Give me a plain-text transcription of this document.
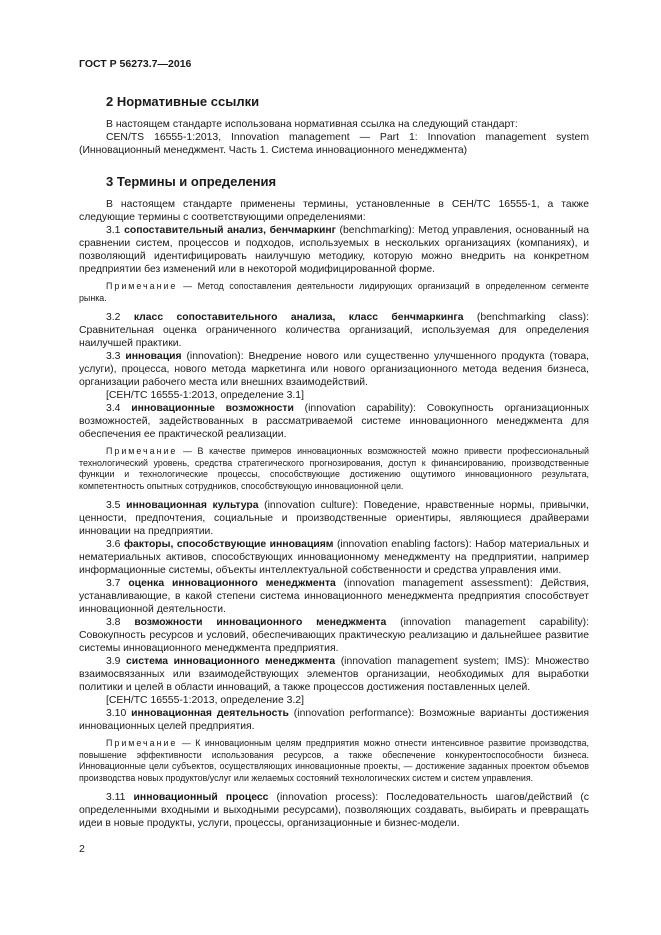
ГОСТ Р 56273.7—2016
2 Нормативные ссылки

В настоящем стандарте использована нормативная ссылка на следующий стандарт:

CEN/TS 16555-1:2013, Innovation management — Part 1: Innovation management system (Инновационный менеджмент. Часть 1. Система инновационного менеджмента)

3 Термины и определения

В настоящем стандарте применены термины, установленные в СЕН/ТС 16555-1, а также следующие термины с соответствующими определениями:

3.1 сопоставительный анализ, бенчмаркинг (benchmarking): Метод управления, основанный на сравнении систем, процессов и подходов, используемых в нескольких организациях (компаниях), и позволяющий идентифицировать наилучшую методику, которую можно внедрить на конкретном предприятии без изменений или в некоторой модифицированной форме.

Примечание — Метод сопоставления деятельности лидирующих организаций в определенном сегменте рынка.

3.2 класс сопоставительного анализа, класс бенчмаркинга (benchmarking class): Сравнительная оценка ограниченного количества организаций, используемая для определения наилучшей практики.

3.3 инновация (innovation): Внедрение нового или существенно улучшенного продукта (товара, услуги), процесса, нового метода маркетинга или нового организационного метода ведения бизнеса, организации рабочего места или внешних взаимодействий.

[СЕН/ТС 16555-1:2013, определение 3.1]

3.4 инновационные возможности (innovation capability): Совокупность организационных возможностей, задействованных в рассматриваемой системе инновационного менеджмента для обеспечения ее практической реализации.

Примечание — В качестве примеров инновационных возможностей можно привести профессиональный технологический уровень, средства стратегического прогнозирования, доступ к финансированию, производственные функции и технологические процессы, способствующие достижению ощутимого инновационного результата, компетентность опытных сотрудников, способствующую инновационной цели.

3.5 инновационная культура (innovation culture): Поведение, нравственные нормы, привычки, ценности, предпочтения, социальные и производственные ориентиры, являющиеся драйверами инновации на предприятии.

3.6 факторы, способствующие инновациям (innovation enabling factors): Набор материальных и нематериальных активов, способствующих инновационному менеджменту на предприятии, например информационные системы, объекты интеллектуальной собственности и средства управления ими.

3.7 оценка инновационного менеджмента (innovation management assessment): Действия, устанавливающие, в какой степени система инновационного менеджмента предприятия способствует инновационной деятельности.

3.8 возможности инновационного менеджмента (innovation management capability): Совокупность ресурсов и условий, обеспечивающих практическую реализацию и дальнейшее развитие системы инновационного менеджмента предприятия.

3.9 система инновационного менеджмента (innovation management system; IMS): Множество взаимосвязанных или взаимодействующих элементов организации, необходимых для выработки политики и целей в области инноваций, а также процессов достижения поставленных целей.

[СЕН/ТС 16555-1:2013, определение 3.2]

3.10 инновационная деятельность (innovation performance): Возможные варианты достижения инновационных целей предприятия.

Примечание — К инновационным целям предприятия можно отнести интенсивное развитие производства, повышение эффективности использования ресурсов, а также обеспечение конкурентоспособности бизнеса. Инновационные цели субъектов, осуществляющих инновационные проекты, — достижение заданных проектом объемов производства новых продуктов/услуг или желаемых состояний технологических систем и систем управления.

3.11 инновационный процесс (innovation process): Последовательность шагов/действий (с определенными входными и выходными ресурсами), позволяющих создавать, выбирать и превращать идеи в новые продукты, услуги, процессы, организационные и бизнес-модели.

2
